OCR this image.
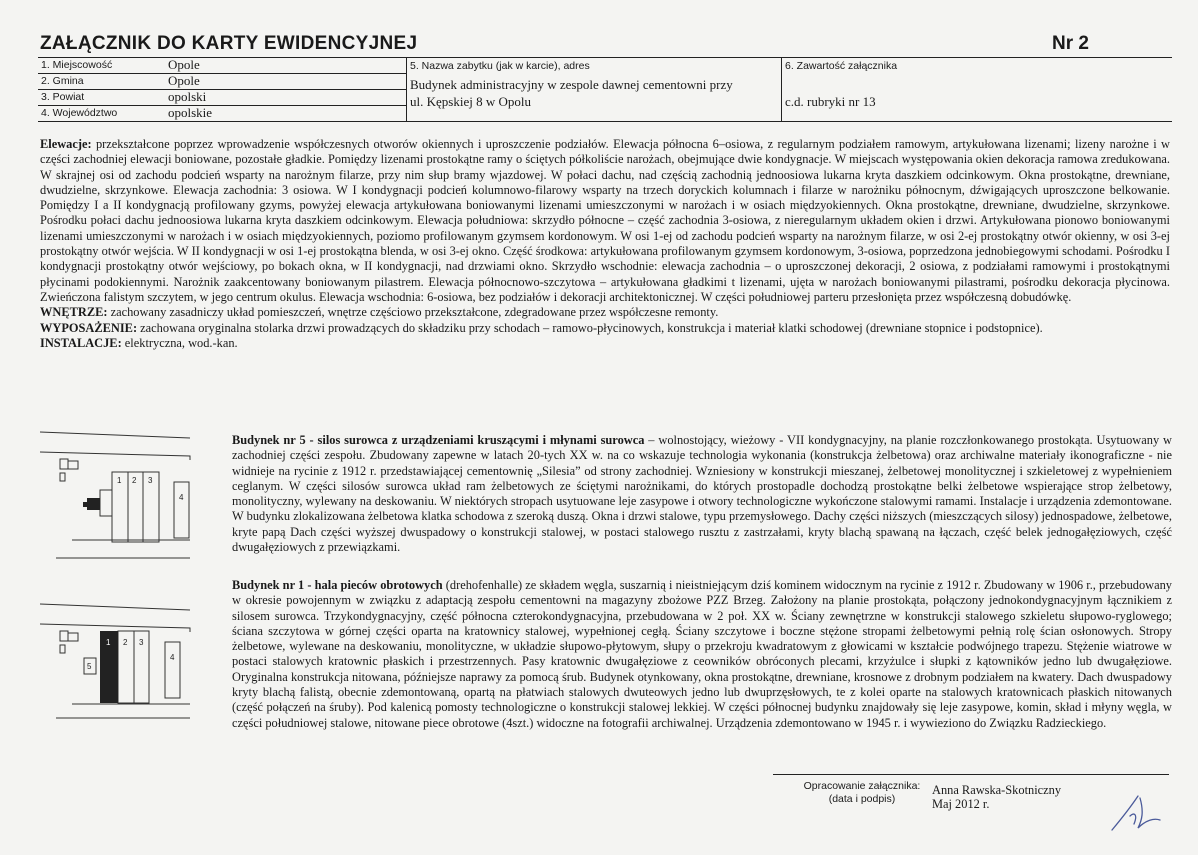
ZAŁĄCZNIK DO KARTY EWIDENCYJNEJ	Nr 2
1. Miejscowość	Opole
2. Gmina	Opole
3. Powiat	opolski
4. Województwo	opolskie
5. Nazwa zabytku (jak w karcie), adres
Budynek administracyjny w zespole dawnej cementowni przy
ul. Kępskiej 8 w Opolu
6. Zawartość załącznika
c.d. rubryki nr 13

Elewacje: przekształcone poprzez wprowadzenie współczesnych otworów okiennych i uproszczenie podziałów. Elewacja północna 6–osiowa, z regularnym podziałem ramowym, artykułowana lizenami; lizeny narożne i w części zachodniej elewacji boniowane, pozostałe gładkie. Pomiędzy lizenami prostokątne ramy o ściętych półkoliście narożach, obejmujące dwie kondygnacje. W miejscach występowania okien dekoracja ramowa zredukowana. W skrajnej osi od zachodu podcień wsparty na narożnym filarze, przy nim słup bramy wjazdowej. W połaci dachu, nad częścią zachodnią jednoosiowa lukarna kryta daszkiem odcinkowym. Okna prostokątne, drewniane, dwudzielne, skrzynkowe. Elewacja zachodnia: 3 osiowa. W I kondygnacji podcień kolumnowo-filarowy wsparty na trzech doryckich kolumnach i filarze w narożniku północnym, dźwigających uproszczone belkowanie. Pomiędzy I a II kondygnacją profilowany gzyms, powyżej elewacja artykułowana boniowanymi lizenami umieszczonymi w narożach i w osiach międzyokiennych. Okna prostokątne, drewniane, dwudzielne, skrzynkowe. Pośrodku połaci dachu jednoosiowa lukarna kryta daszkiem odcinkowym. Elewacja południowa: skrzydło północne – część zachodnia 3-osiowa, z nieregularnym układem okien i drzwi. Artykułowana pionowo boniowanymi lizenami umieszczonymi w narożach i w osiach międzyokiennych, poziomo profilowanym gzymsem kordonowym. W osi 1-ej od zachodu podcień wsparty na narożnym filarze, w osi 2-ej prostokątny otwór okienny, w osi 3-ej prostokątny otwór wejścia. W II kondygnacji w osi 1-ej prostokątna blenda, w osi 3-ej okno. Część środkowa: artykułowana profilowanym gzymsem kordonowym, 3-osiowa, poprzedzona jednobiegowymi schodami. Pośrodku I kondygnacji prostokątny otwór wejściowy, po bokach okna, w II kondygnacji, nad drzwiami okno. Skrzydło wschodnie: elewacja zachodnia – o uproszczonej dekoracji, 2 osiowa, z podziałami ramowymi i prostokątnymi płycinami podokiennymi. Narożnik zaakcentowany boniowanym pilastrem. Elewacja północnowo-szczytowa – artykułowana gładkimi t lizenami, ujęta w narożach boniowanymi pilastrami, pośrodku dekoracja płycinowa. Zwieńczona falistym szczytem, w jego centrum okulus. Elewacja wschodnia: 6-osiowa, bez podziałów i dekoracji architektonicznej. W części południowej parteru przesłonięta przez współczesną dobudówkę.

WNĘTRZE: zachowany zasadniczy układ pomieszczeń, wnętrze częściowo przekształcone, zdegradowane przez współczesne remonty.

WYPOSAŻENIE: zachowana oryginalna stolarka drzwi prowadzących do składziku przy schodach – ramowo-płycinowych, konstrukcja i materiał klatki schodowej (drewniane stopnice i podstopnice).

INSTALACJE: elektryczna, wod.-kan.

1 2 3
4
1 2 3
4
5

Budynek nr 5 - silos surowca z urządzeniami kruszącymi i młynami surowca – wolnostojący, wieżowy - VII kondygnacyjny, na planie rozczłonkowanego prostokąta. Usytuowany w zachodniej części zespołu. Zbudowany zapewne w latach 20-tych XX w. na co wskazuje technologia wykonania (konstrukcja żelbetowa) oraz archiwalne materiały ikonograficzne - nie widnieje na rycinie z 1912 r. przedstawiającej cementownię „Silesia” od strony zachodniej. Wzniesiony w konstrukcji mieszanej, żelbetowej monolitycznej i szkieletowej z wypełnieniem ceglanym. W części silosów surowca układ ram żelbetowych ze ściętymi narożnikami, do których prostopadle dochodzą prostokątne belki żelbetowe wspierające strop żelbetowy, monolityczny, wylewany na deskowaniu. W niektórych stropach usytuowane leje zasypowe i otwory technologiczne wykończone stalowymi ramami. Instalacje i urządzenia zdemontowane. W budynku zlokalizowana żelbetowa klatka schodowa z szeroką duszą. Okna i drzwi stalowe, typu przemysłowego. Dachy części niższych (mieszczących silosy) jednospadowe, żelbetowe, kryte papą Dach części wyższej dwuspadowy o konstrukcji stalowej, w postaci stalowego rusztu z zastrzałami, kryty blachą spawaną na łączach, część belek jednogałęziowych, część dwugałęziowych z przewiązkami.

Budynek nr 1 - hala pieców obrotowych (drehofenhalle) ze składem węgla, suszarnią i nieistniejącym dziś kominem widocznym na rycinie z 1912 r. Zbudowany w 1906 r., przebudowany w okresie powojennym w związku z adaptacją zespołu cementowni na magazyny zbożowe PZZ Brzeg. Założony na planie prostokąta, połączony jednokondygnacyjnym łącznikiem z silosem surowca. Trzykondygnacyjny, część północna czterokondygnacyjna, przebudowana w 2 poł. XX w. Ściany zewnętrzne w konstrukcji stalowego szkieletu słupowo-ryglowego; ściana szczytowa w górnej części oparta na kratownicy stalowej, wypełnionej cegłą. Ściany szczytowe i boczne stężone stropami żelbetowymi pełnią rolę ścian osłonowych. Stropy żelbetowe, wylewane na deskowaniu, monolityczne, w układzie słupowo-płytowym, słupy o przekroju kwadratowym z głowicami w kształcie podwójnego trapezu. Stężenie wiatrowe w postaci stalowych kratownic płaskich i przestrzennych. Pasy kratownic dwugałęziowe z ceowników obróconych plecami, krzyżulce i słupki z kątowników jedno lub dwugałęziowe. Oryginalna konstrukcja nitowana, późniejsze naprawy za pomocą śrub. Budynek otynkowany, okna prostokątne, drewniane, krosnowe z drobnym podziałem na kwatery. Dach dwuspadowy kryty blachą falistą, obecnie zdemontowaną, opartą na płatwiach stalowych dwuteowych jedno lub dwuprzęsłowych, te z kolei oparte na stalowych kratownicach płaskich nitowanych (część połączeń na śruby). Pod kalenicą pomosty technologiczne o konstrukcji stalowej lekkiej. W części północnej budynku znajdowały się leje zasypowe, komin, skład i młyny węgla, w części południowej stalowe, nitowane piece obrotowe (4szt.) widoczne na fotografii archiwalnej. Urządzenia zdemontowano w 1945 r. i wywieziono do Związku Radzieckiego.

Opracowanie załącznika:
(data i podpis)
Anna Rawska-Skotniczny
Maj 2012 r.
